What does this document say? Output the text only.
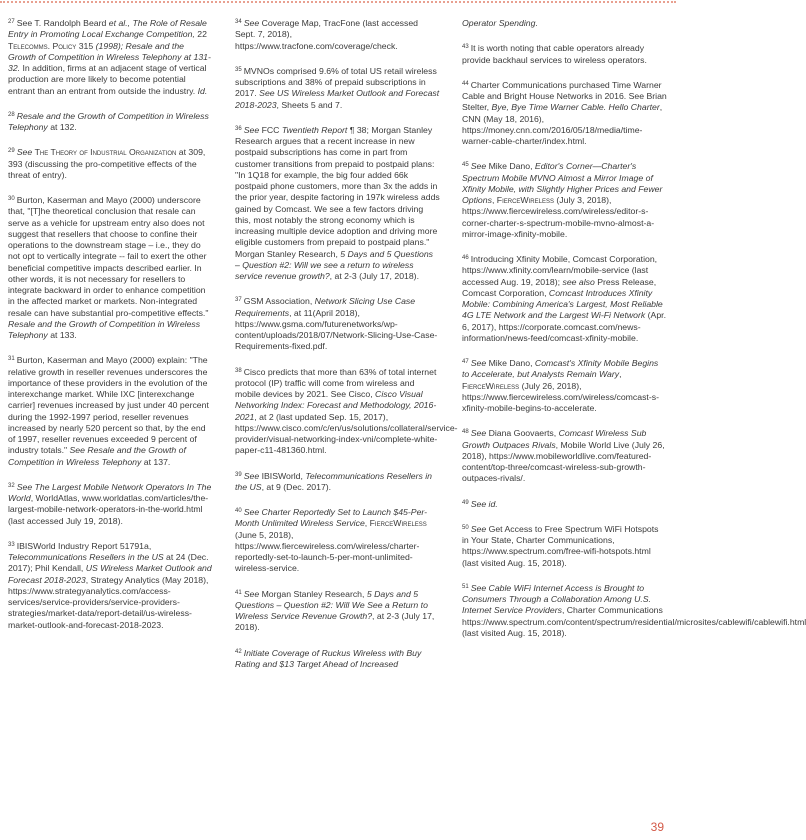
$^{27}$ See T. Randolph Beard et al., The Role of Resale Entry in Promoting Local Exchange Competition, 22 Telecomms. Policy 315 (1998); Resale and the Growth of Competition in Wireless Telephony at 131-32. In addition, firms at an adjacent stage of vertical production are more likely to become potential entrant than an entrant from outside the industry. Id.

$^{28}$ Resale and the Growth of Competition in Wireless Telephony at 132.

$^{29}$ See The Theory of Industrial Organization at 309, 393 (discussing the pro-competitive effects of the threat of entry).

$^{30}$ Burton, Kaserman and Mayo (2000) underscore that, "[T]he theoretical conclusion that resale can serve as a vehicle for upstream entry also does not suggest that resellers that choose to confine their operations to the downstream stage – i.e., they do not opt to vertically integrate -- fail to exert the other beneficial competitive impacts described earlier. In other words, it is not necessary for resellers to integrate backward in order to enhance competition in the affected market or markets. Non-integrated resale can have substantial pro-competitive effects." Resale and the Growth of Competition in Wireless Telephony at 133.

$^{31}$ Burton, Kaserman and Mayo (2000) explain: "The relative growth in reseller revenues underscores the importance of these providers in the evolution of the interexchange market. While IXC [interexchange carrier] revenues increased by just under 40 percent during the 1992-1997 period, reseller revenues increased by nearly 520 percent so that, by the end of 1997, reseller revenues exceeded 9 percent of industry totals." See Resale and the Growth of Competition in Wireless Telephony at 137.

$^{32}$ See The Largest Mobile Network Operators In The World, WorldAtlas, www.worldatlas.com/articles/the-largest-mobile-network-operators-in-the-world.html (last accessed July 19, 2018).

$^{33}$ IBISWorld Industry Report 51791a, Telecommunications Resellers in the US at 24 (Dec. 2017); Phil Kendall, US Wireless Market Outlook and Forecast 2018-2023, Strategy Analytics (May 2018), https://www.strategyanalytics.com/access-services/service-providers/service-providers-strategies/market-data/report-detail/us-wireless-market-outlook-and-forecast-2018-2023.

$^{34}$ See Coverage Map, TracFone (last accessed Sept. 7, 2018), https://www.tracfone.com/coverage/check.

$^{35}$ MVNOs comprised 9.6% of total US retail wireless subscriptions and 38% of prepaid subscriptions in 2017. See US Wireless Market Outlook and Forecast 2018-2023, Sheets 5 and 7.

$^{36}$ See FCC Twentieth Report ¶ 38; Morgan Stanley Research argues that a recent increase in new postpaid subscriptions has come in part from customer transitions from prepaid to postpaid plans: "In 1Q18 for example, the big four added 66k postpaid phone customers, more than 3x the adds in the prior year, despite factoring in 197k wireless adds gained by Comcast. We see a few factors driving this, most notably the strong economy which is increasing multiple device adoption and driving more eligible customers from prepaid to postpaid plans." Morgan Stanley Research, 5 Days and 5 Questions – Question #2: Will we see a return to wireless service revenue growth?, at 2-3 (July 17, 2018).

$^{37}$ GSM Association, Network Slicing Use Case Requirements, at 11(April 2018), https://www.gsma.com/futurenetworks/wp-content/uploads/2018/07/Network-Slicing-Use-Case-Requirements-fixed.pdf.

$^{38}$ Cisco predicts that more than 63% of total internet protocol (IP) traffic will come from wireless and mobile devices by 2021. See Cisco, Cisco Visual Networking Index: Forecast and Methodology, 2016-2021, at 2 (last updated Sep. 15, 2017), https://www.cisco.com/c/en/us/solutions/collateral/service-provider/visual-networking-index-vni/complete-white-paper-c11-481360.html.

$^{39}$ See IBISWorld, Telecommunications Resellers in the US, at 9 (Dec. 2017).

$^{40}$ See Charter Reportedly Set to Launch $45-Per-Month Unlimited Wireless Service, FierceWireless (June 5, 2018), https://www.fiercewireless.com/wireless/charter-reportedly-set-to-launch-5-per-mont-unlimited-wireless-service.

$^{41}$ See Morgan Stanley Research, 5 Days and 5 Questions – Question #2: Will We See a Return to Wireless Service Revenue Growth?, at 2-3 (July 17, 2018).

$^{42}$ Initiate Coverage of Ruckus Wireless with Buy Rating and $13 Target Ahead of Increased

Operator Spending.

$^{43}$ It is worth noting that cable operators already provide backhaul services to wireless operators.

$^{44}$ Charter Communications purchased Time Warner Cable and Bright House Networks in 2016. See Brian Stelter, Bye, Bye Time Warner Cable. Hello Charter, CNN (May 18, 2016), https://money.cnn.com/2016/05/18/media/time-warner-cable-charter/index.html.

$^{45}$ See Mike Dano, Editor's Corner—Charter's Spectrum Mobile MVNO Almost a Mirror Image of Xfinity Mobile, with Slightly Higher Prices and Fewer Options, FierceWireless (July 3, 2018), https://www.fiercewireless.com/wireless/editor-s-corner-charter-s-spectrum-mobile-mvno-almost-a-mirror-image-xfinity-mobile.

$^{46}$ Introducing Xfinity Mobile, Comcast Corporation, https://www.xfinity.com/learn/mobile-service (last accessed Aug. 19, 2018); see also Press Release, Comcast Corporation, Comcast Introduces Xfinity Mobile: Combining America's Largest, Most Reliable 4G LTE Network and the Largest Wi-Fi Network (Apr. 6, 2017), https://corporate.comcast.com/news-information/news-feed/comcast-xfinity-mobile.

$^{47}$ See Mike Dano, Comcast's Xfinity Mobile Begins to Accelerate, but Analysts Remain Wary, FierceWireless (July 26, 2018), https://www.fiercewireless.com/wireless/comcast-s-xfinity-mobile-begins-to-accelerate.

$^{48}$ See Diana Goovaerts, Comcast Wireless Sub Growth Outpaces Rivals, Mobile World Live (July 26, 2018), https://www.mobileworldlive.com/featured-content/top-three/comcast-wireless-sub-growth-outpaces-rivals/.

$^{49}$ See id.

$^{50}$ See Get Access to Free Spectrum WiFi Hotspots in Your State, Charter Communications, https://www.spectrum.com/free-wifi-hotspots.html (last visited Aug. 15, 2018).

$^{51}$ See Cable WiFi Internet Access is Brought to Consumers Through a Collaboration Among U.S. Internet Service Providers, Charter Communications https://www.spectrum.com/content/spectrum/residential/microsites/cablewifi/cablewifi.html (last visited Aug. 15, 2018).

39
